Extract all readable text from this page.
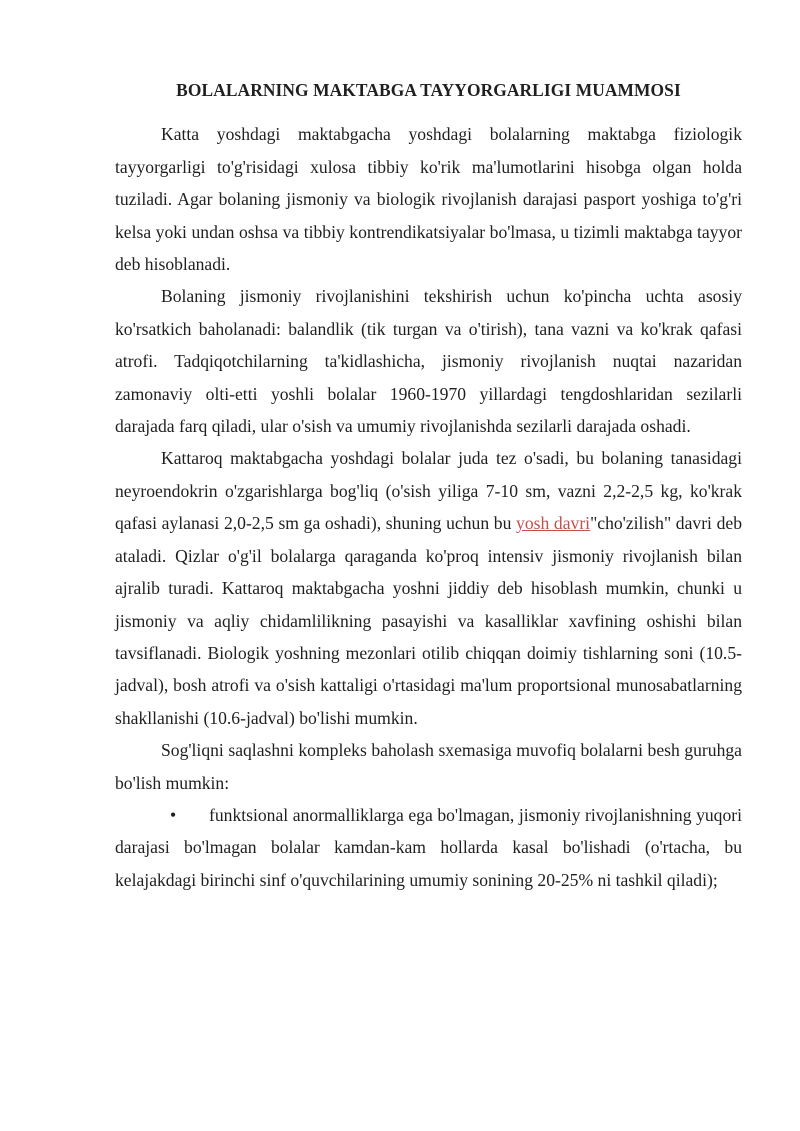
BOLALARNING MAKTABGA TAYYORGARLIGI MUAMMOSI

Katta yoshdagi maktabgacha yoshdagi bolalarning maktabga fiziologik tayyorgarligi to'g'risidagi xulosa tibbiy ko'rik ma'lumotlarini hisobga olgan holda tuziladi. Agar bolaning jismoniy va biologik rivojlanish darajasi pasport yoshiga to'g'ri kelsa yoki undan oshsa va tibbiy kontrendikatsiyalar bo'lmasa, u tizimli maktabga tayyor deb hisoblanadi.

Bolaning jismoniy rivojlanishini tekshirish uchun ko'pincha uchta asosiy ko'rsatkich baholanadi: balandlik (tik turgan va o'tirish), tana vazni va ko'krak qafasi atrofi. Tadqiqotchilarning ta'kidlashicha, jismoniy rivojlanish nuqtai nazaridan zamonaviy olti-etti yoshli bolalar 1960-1970 yillardagi tengdoshlaridan sezilarli darajada farq qiladi, ular o'sish va umumiy rivojlanishda sezilarli darajada oshadi.

Kattaroq maktabgacha yoshdagi bolalar juda tez o'sadi, bu bolaning tanasidagi neyroendokrin o'zgarishlarga bog'liq (o'sish yiliga 7-10 sm, vazni 2,2-2,5 kg, ko'krak qafasi aylanasi 2,0-2,5 sm ga oshadi), shuning uchun bu yosh davri"cho'zilish" davri deb ataladi. Qizlar o'g'il bolalarga qaraganda ko'proq intensiv jismoniy rivojlanish bilan ajralib turadi. Kattaroq maktabgacha yoshni jiddiy deb hisoblash mumkin, chunki u jismoniy va aqliy chidamlilikning pasayishi va kasalliklar xavfining oshishi bilan tavsiflanadi. Biologik yoshning mezonlari otilib chiqqan doimiy tishlarning soni (10.5-jadval), bosh atrofi va o'sish kattaligi o'rtasidagi ma'lum proportsional munosabatlarning shakllanishi (10.6-jadval) bo'lishi mumkin.

Sog'liqni saqlashni kompleks baholash sxemasiga muvofiq bolalarni besh guruhga bo'lish mumkin:

• funktsional anormalliklarga ega bo'lmagan, jismoniy rivojlanishning yuqori darajasi bo'lmagan bolalar kamdan-kam hollarda kasal bo'lishadi (o'rtacha, bu kelajakdagi birinchi sinf o'quvchilarining umumiy sonining 20-25% ni tashkil qiladi);
